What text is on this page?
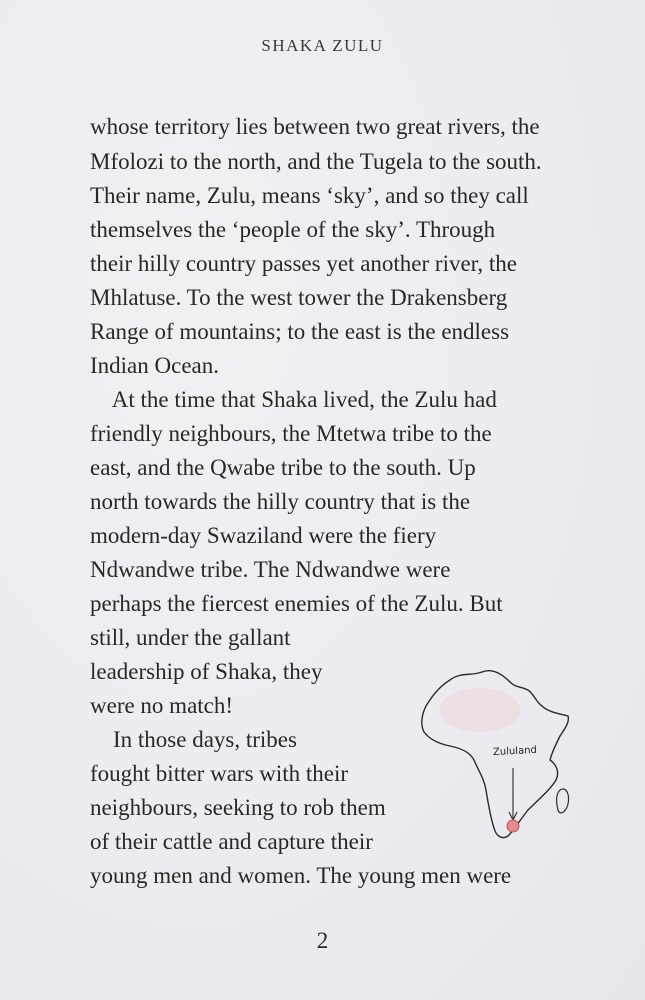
SHAKA ZULU
whose territory lies between two great rivers, the
Mfolozi to the north, and the Tugela to the south.
Their name, Zulu, means ‘sky’, and so they call
themselves the ‘people of the sky’. Through
their hilly country passes yet another river, the
Mhlatuse. To the west tower the Drakensberg
Range of mountains; to the east is the endless
Indian Ocean.
At the time that Shaka lived, the Zulu had
friendly neighbours, the Mtetwa tribe to the
east, and the Qwabe tribe to the south. Up
north towards the hilly country that is the
modern-day Swaziland were the fiery
Ndwandwe tribe. The Ndwandwe were
perhaps the fiercest enemies of the Zulu. But
still, under the gallant
leadership of Shaka, they
were no match!
In those days, tribes
fought bitter wars with their
neighbours, seeking to rob them
of their cattle and capture their
young men and women. The young men were
Zululand
2
